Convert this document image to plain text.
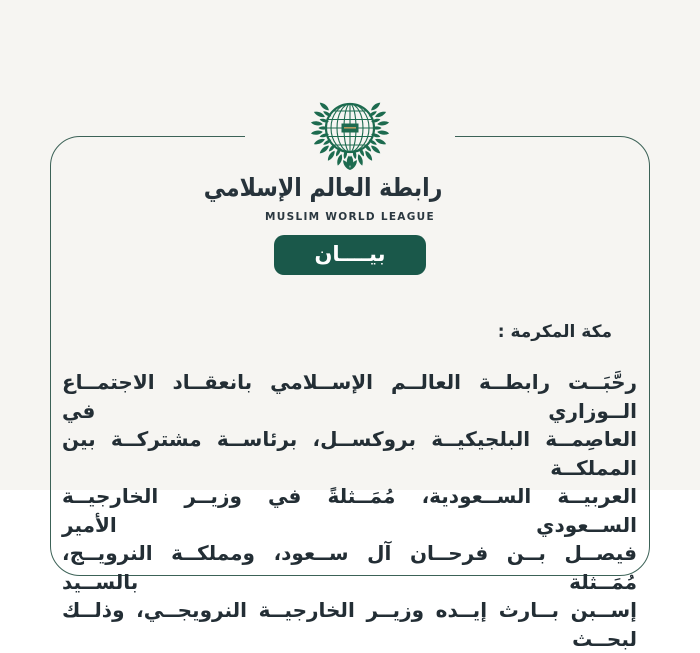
رابطة العالم الإسلامي
MUSLIM WORLD LEAGUE
بيــــان
مكة المكرمة :
رحَّبَــت رابطــة العالــم الإســلامي بانعقــاد الاجتمــاع الــوزاري في
العاصِمــة البلجيكيــة بروكســل، برئاســة مشتركــة بين المملكــة
العربيــة الســعودية، مُمَــثلةً في وزيــر الخارجيــة الســعودي الأمير
فيصــل بــن فرحــان آل ســعود، ومملكــة النرويــج، مُمَــثلة بالســيد
إســبن بــارث إيــده وزيــر الخارجيــة النرويجــي، وذلــك لبحــث
